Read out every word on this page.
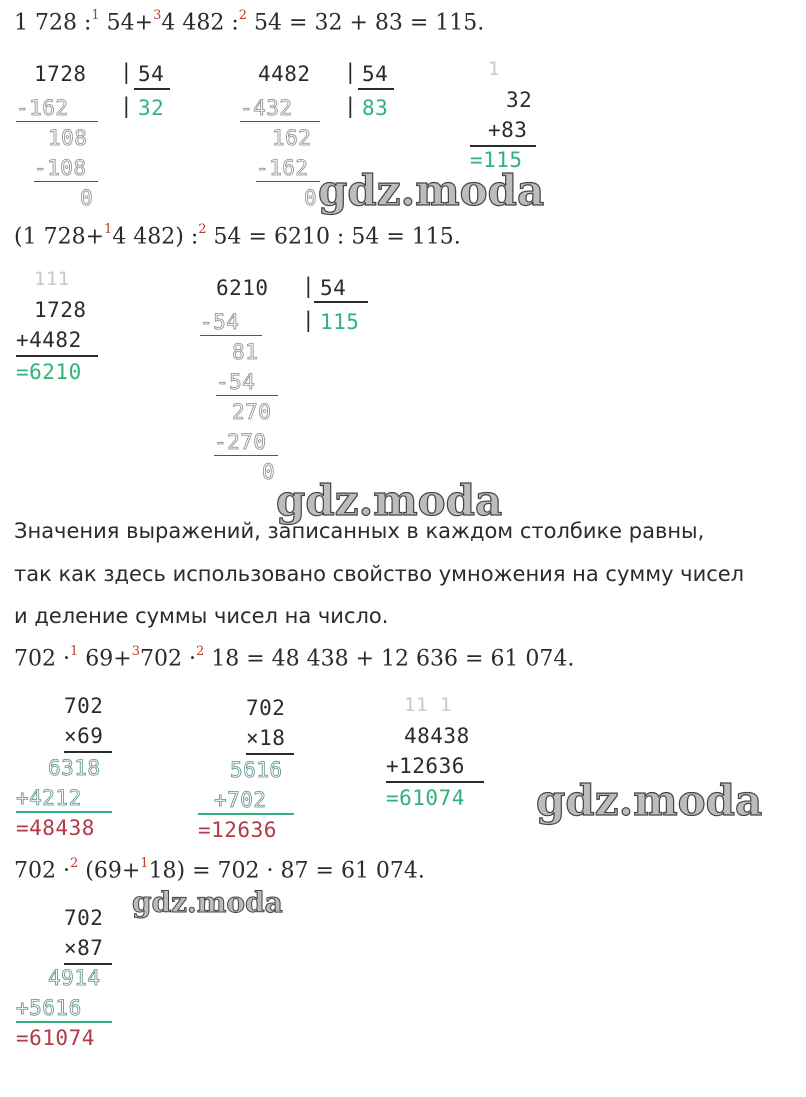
1 728 :$^1$ 54+$^3$4 482 :$^2$ 54 = 32 + 83 = 115.
1728 | 54
| 32
-162
108
-108
0
4482 | 54
| 83
-432
162
-162
0
1
32
+83
=115
gdz.moda
(1 728+$^1$4 482) :$^2$ 54 = 6210 : 54 = 115.
111
1728
+4482
=6210
6210 | 54
| 115
-54
81
-54
270
-270
0
gdz.moda
Значения выражений, записанных в каждом столбике равны,
так как здесь использовано свойство умножения на сумму чисел
и деление суммы чисел на число.
702 ·$^1$ 69+$^3$702 ·$^2$ 18 = 48 438 + 12 636 = 61 074.
702
×69
6318
+4212
=48438
702
×18
5616
+702
=12636
11 1
48438
+12636
=61074 gdz.moda
702 ·$^2$ (69+$^1$18) = 702 · 87 = 61 074.
gdz.moda
702
×87
4914
+5616
=61074
